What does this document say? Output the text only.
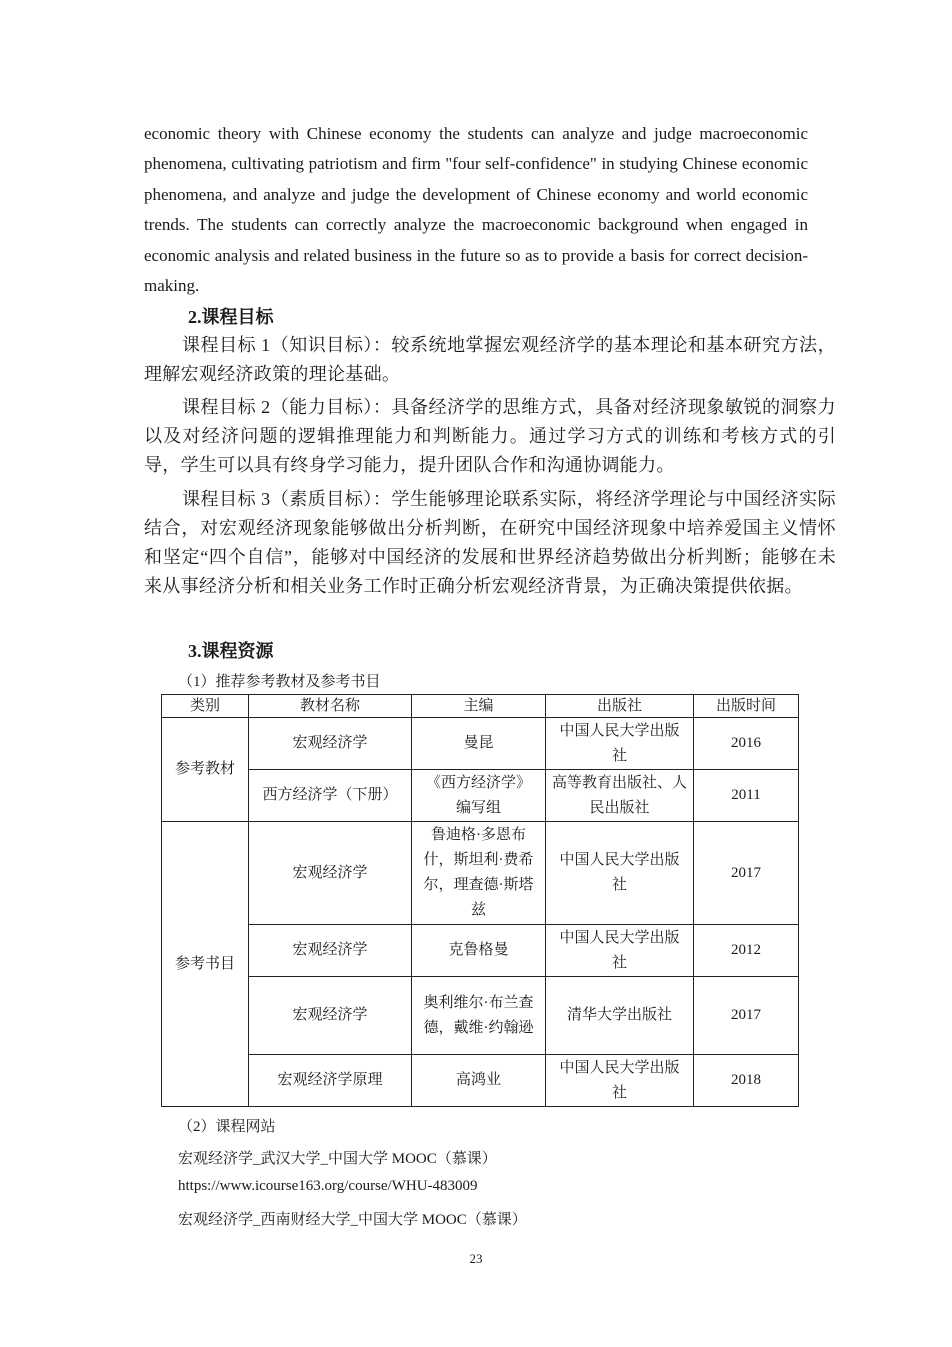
economic theory with Chinese economy the students can analyze and judge macroeconomic phenomena, cultivating patriotism and firm "four self-confidence" in studying Chinese economic phenomena, and analyze and judge the development of Chinese economy and world economic trends. The students can correctly analyze the macroeconomic background when engaged in economic analysis and related business in the future so as to provide a basis for correct decision-making.

2.课程目标

课程目标 1（知识目标）：较系统地掌握宏观经济学的基本理论和基本研究方法，理解宏观经济政策的理论基础。

课程目标 2（能力目标）：具备经济学的思维方式，具备对经济现象敏锐的洞察力以及对经济问题的逻辑推理能力和判断能力。通过学习方式的训练和考核方式的引导，学生可以具有终身学习能力，提升团队合作和沟通协调能力。

课程目标 3（素质目标）：学生能够理论联系实际，将经济学理论与中国经济实际结合，对宏观经济现象能够做出分析判断，在研究中国经济现象中培养爱国主义情怀和坚定“四个自信”，能够对中国经济的发展和世界经济趋势做出分析判断；能够在未来从事经济分析和相关业务工作时正确分析宏观经济背景，为正确决策提供依据。

3.课程资源
（1）推荐参考教材及参考书目
类别	教材名称	主编	出版社	出版时间
参考教材	宏观经济学	曼昆	中国人民大学出版社	2016
	西方经济学（下册）	《西方经济学》编写组	高等教育出版社、人民出版社	2011
参考书目	宏观经济学	鲁迪格·多恩布什，斯坦利·费希尔，理查德·斯塔兹	中国人民大学出版社	2017
	宏观经济学	克鲁格曼	中国人民大学出版社	2012
	宏观经济学	奥利维尔·布兰查德，戴维·约翰逊	清华大学出版社	2017
	宏观经济学原理	高鸿业	中国人民大学出版社	2018
（2）课程网站
宏观经济学_武汉大学_中国大学 MOOC（慕课）
https://www.icourse163.org/course/WHU-483009
宏观经济学_西南财经大学_中国大学 MOOC（慕课）
23
